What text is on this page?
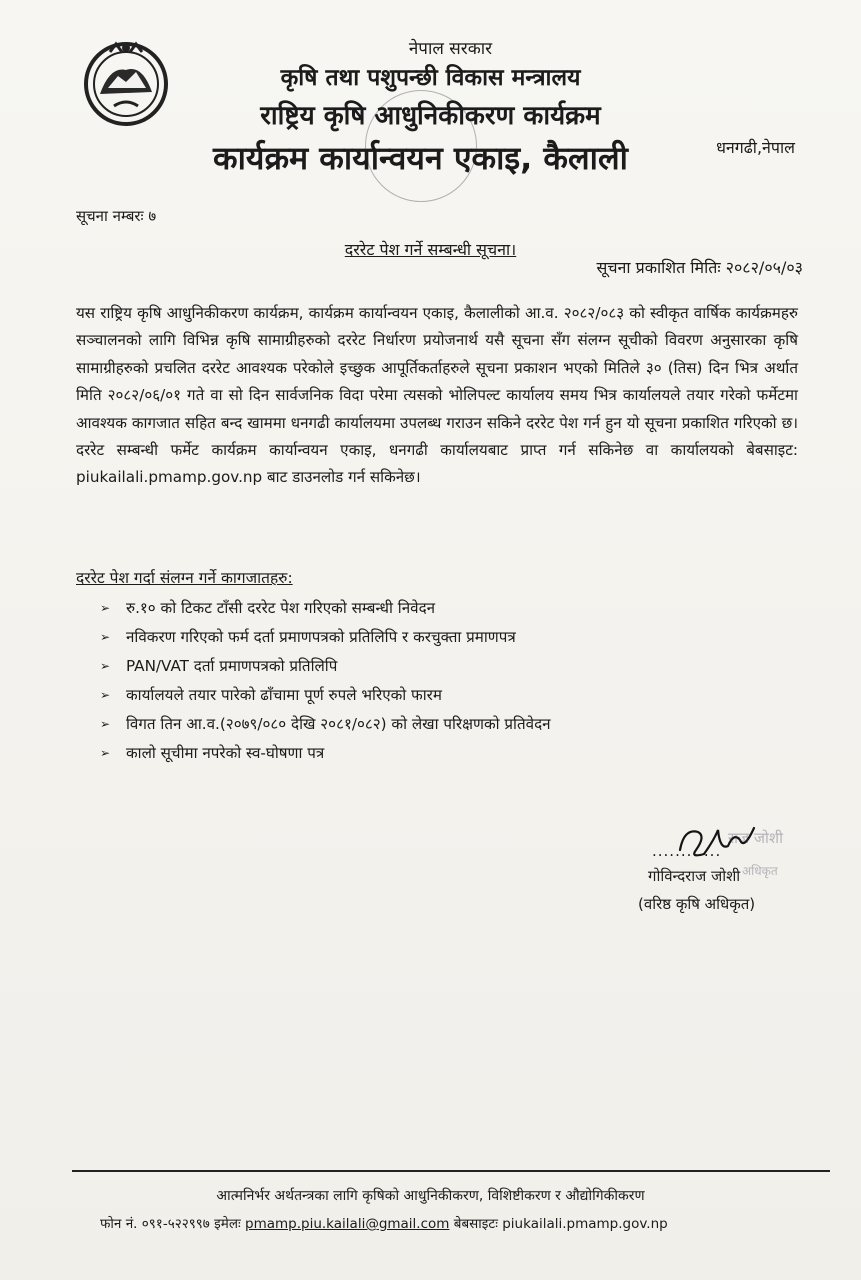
नेपाल सरकार
कृषि तथा पशुपन्छी विकास मन्त्रालय
राष्ट्रिय कृषि आधुनिकीकरण कार्यक्रम
कार्यक्रम कार्यान्वयन एकाइ, कैलाली	धनगढी,नेपाल
सूचना नम्बरः ७
दररेट पेश गर्ने सम्बन्धी सूचना।
सूचना प्रकाशित मितिः २०८२/०५/०३
यस राष्ट्रिय कृषि आधुनिकीकरण कार्यक्रम, कार्यक्रम कार्यान्वयन एकाइ, कैलालीको आ.व. २०८२/०८३ को स्वीकृत वार्षिक कार्यक्रमहरु सञ्चालनको लागि विभिन्न कृषि सामाग्रीहरुको दररेट निर्धारण प्रयोजनार्थ यसै सूचना सँग संलग्न सूचीको विवरण अनुसारका कृषि सामाग्रीहरुको प्रचलित दररेट आवश्यक परेकोले इच्छुक आपूर्तिकर्ताहरुले सूचना प्रकाशन भएको मितिले ३० (तिस) दिन भित्र अर्थात मिति २०८२/०६/०१ गते वा सो दिन सार्वजनिक विदा परेमा त्यसको भोलिपल्ट कार्यालय समय भित्र कार्यालयले तयार गरेको फर्मेटमा आवश्यक कागजात सहित बन्द खाममा धनगढी कार्यालयमा उपलब्ध गराउन सकिने दररेट पेश गर्न हुन यो सूचना प्रकाशित गरिएको छ। दररेट सम्बन्धी फर्मेट कार्यक्रम कार्यान्वयन एकाइ, धनगढी कार्यालयबाट प्राप्त गर्न सकिनेछ वा कार्यालयको बेबसाइट: piukailali.pmamp.gov.np बाट डाउनलोड गर्न सकिनेछ।
दररेट पेश गर्दा संलग्न गर्ने कागजातहरु:
➢	रु.१० को टिकट टाँसी दररेट पेश गरिएको सम्बन्धी निवेदन
➢	नविकरण गरिएको फर्म दर्ता प्रमाणपत्रको प्रतिलिपि र करचुक्ता प्रमाणपत्र
➢	PAN/VAT दर्ता प्रमाणपत्रको प्रतिलिपि
➢	कार्यालयले तयार पारेको ढाँचामा पूर्ण रुपले भरिएको फारम
➢	विगत तिन आ.व.(२०७९/०८० देखि २०८१/०८२) को लेखा परिक्षणको प्रतिवेदन
➢	कालो सूचीमा नपरेको स्व-घोषणा पत्र
राज जोशी
अधिकृत
............
गोविन्दराज जोशी
(वरिष्ठ कृषि अधिकृत)
आत्मनिर्भर अर्थतन्त्रका लागि कृषिको आधुनिकीकरण, विशिष्टीकरण र औद्योगिकीकरण
फोन नं. ०९१-५२२९९७ इमेलः pmamp.piu.kailali@gmail.com बेबसाइटः piukailali.pmamp.gov.np
